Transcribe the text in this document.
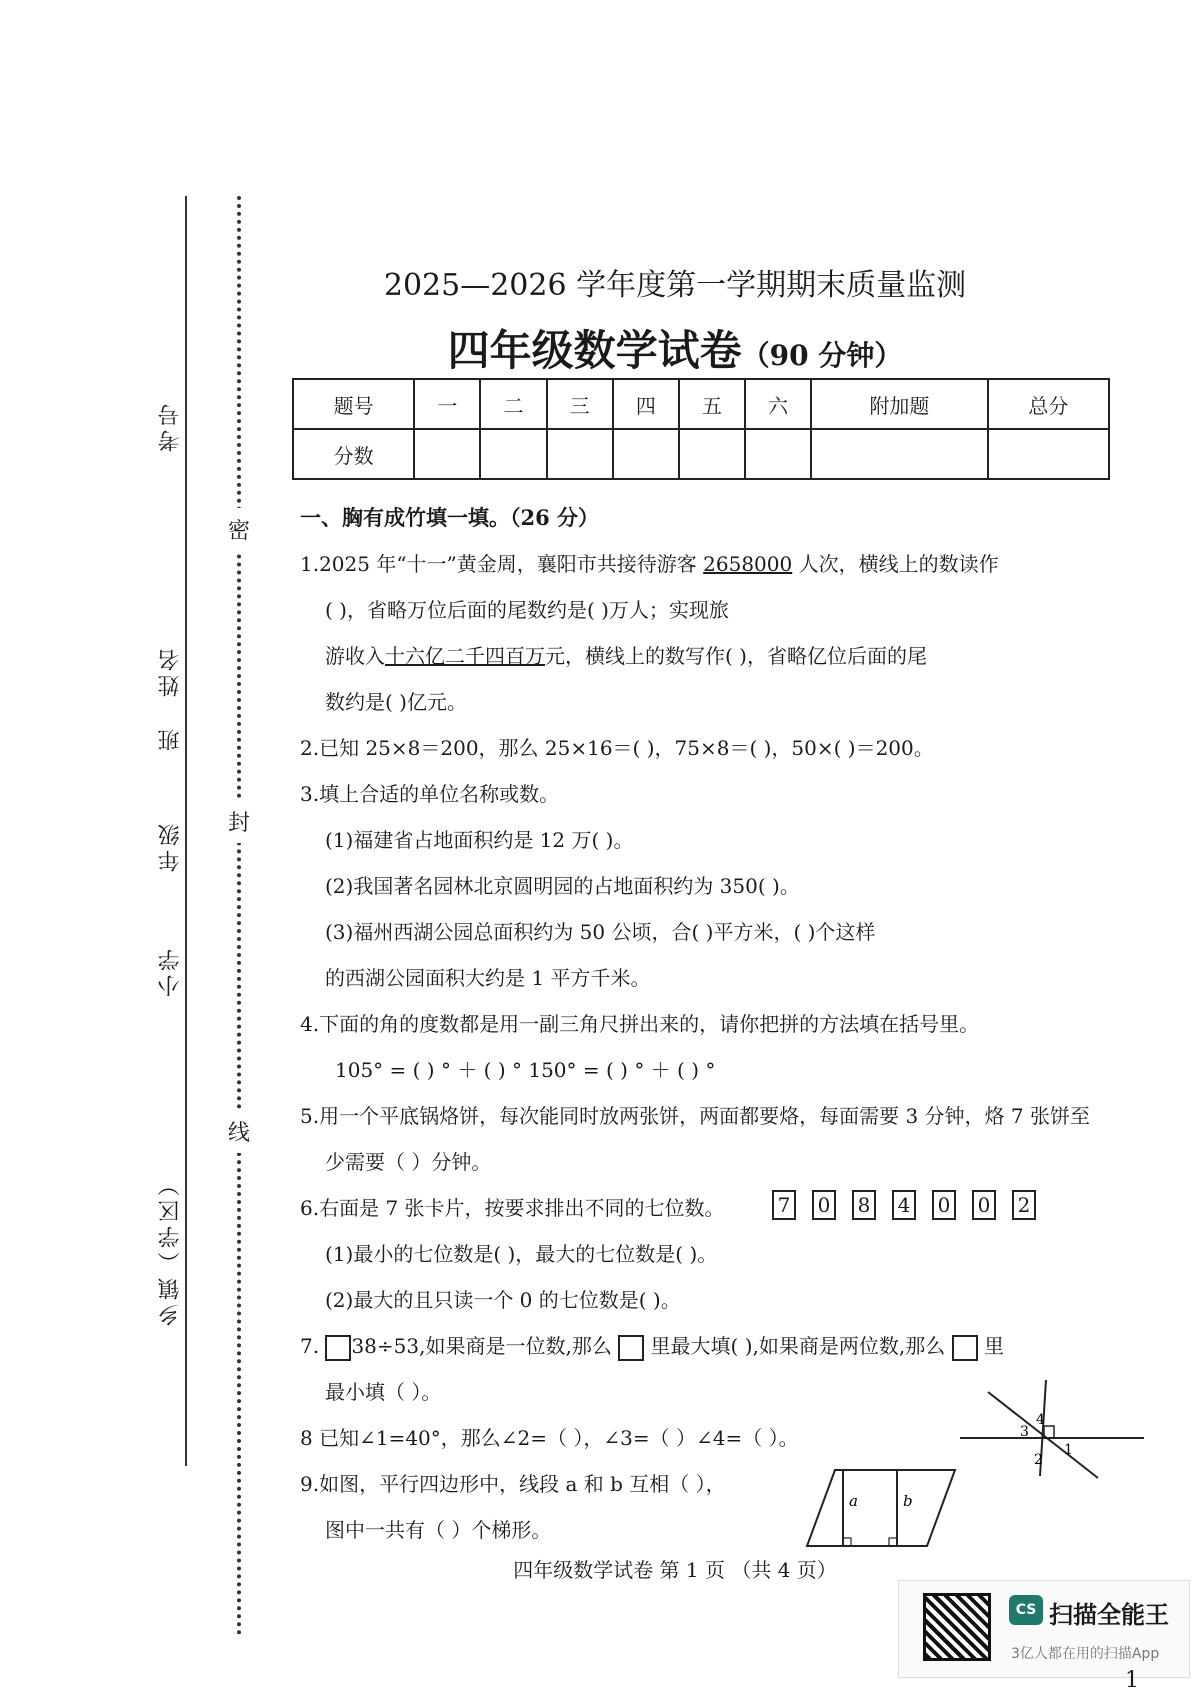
考号
姓名
班
年级
小学
乡镇（学区）
密
封
线
2025—2026 学年度第一学期期末质量监测
四年级数学试卷（90 分钟）
题号	一	二	三	四	五	六	附加题	总分
分数								
一、胸有成竹填一填。（26 分）
1.2025 年“十一”黄金周，襄阳市共接待游客 2658000 人次，横线上的数读作
( )，省略万位后面的尾数约是( )万人；实现旅
游收入十六亿二千四百万元，横线上的数写作( )，省略亿位后面的尾
数约是( )亿元。
2.已知 25×8＝200，那么 25×16＝( )，75×8＝( )，50×( )＝200。
3.填上合适的单位名称或数。
(1)福建省占地面积约是 12 万( )。
(2)我国著名园林北京圆明园的占地面积约为 350( )。
(3)福州西湖公园总面积约为 50 公顷，合( )平方米，( )个这样
的西湖公园面积大约是 1 平方千米。
4.下面的角的度数都是用一副三角尺拼出来的，请你把拼的方法填在括号里。
105° = ( ) ° ＋ ( ) ° 150° = ( ) ° ＋ ( ) °
5.用一个平底锅烙饼，每次能同时放两张饼，两面都要烙，每面需要 3 分钟，烙 7 张饼至
少需要（ ）分钟。
6.右面是 7 张卡片，按要求排出不同的七位数。	7 0 8 4 0 0 2
(1)最小的七位数是( )，最大的七位数是( )。
(2)最大的且只读一个 0 的七位数是( )。
7. 38÷53,如果商是一位数,那么 里最大填( ),如果商是两位数,那么 里
最小填（ ）。
8 已知∠1=40°，那么∠2=（ ），∠3=（ ）∠4=（ ）。	1
2
3
4
9.如图，平行四边形中，线段 a 和 b 互相（ ），
图中一共有（ ）个梯形。
a	b
四年级数学试卷 第 1 页 （共 4 页）
CS 扫描全能王
3亿人都在用的扫描App
1
